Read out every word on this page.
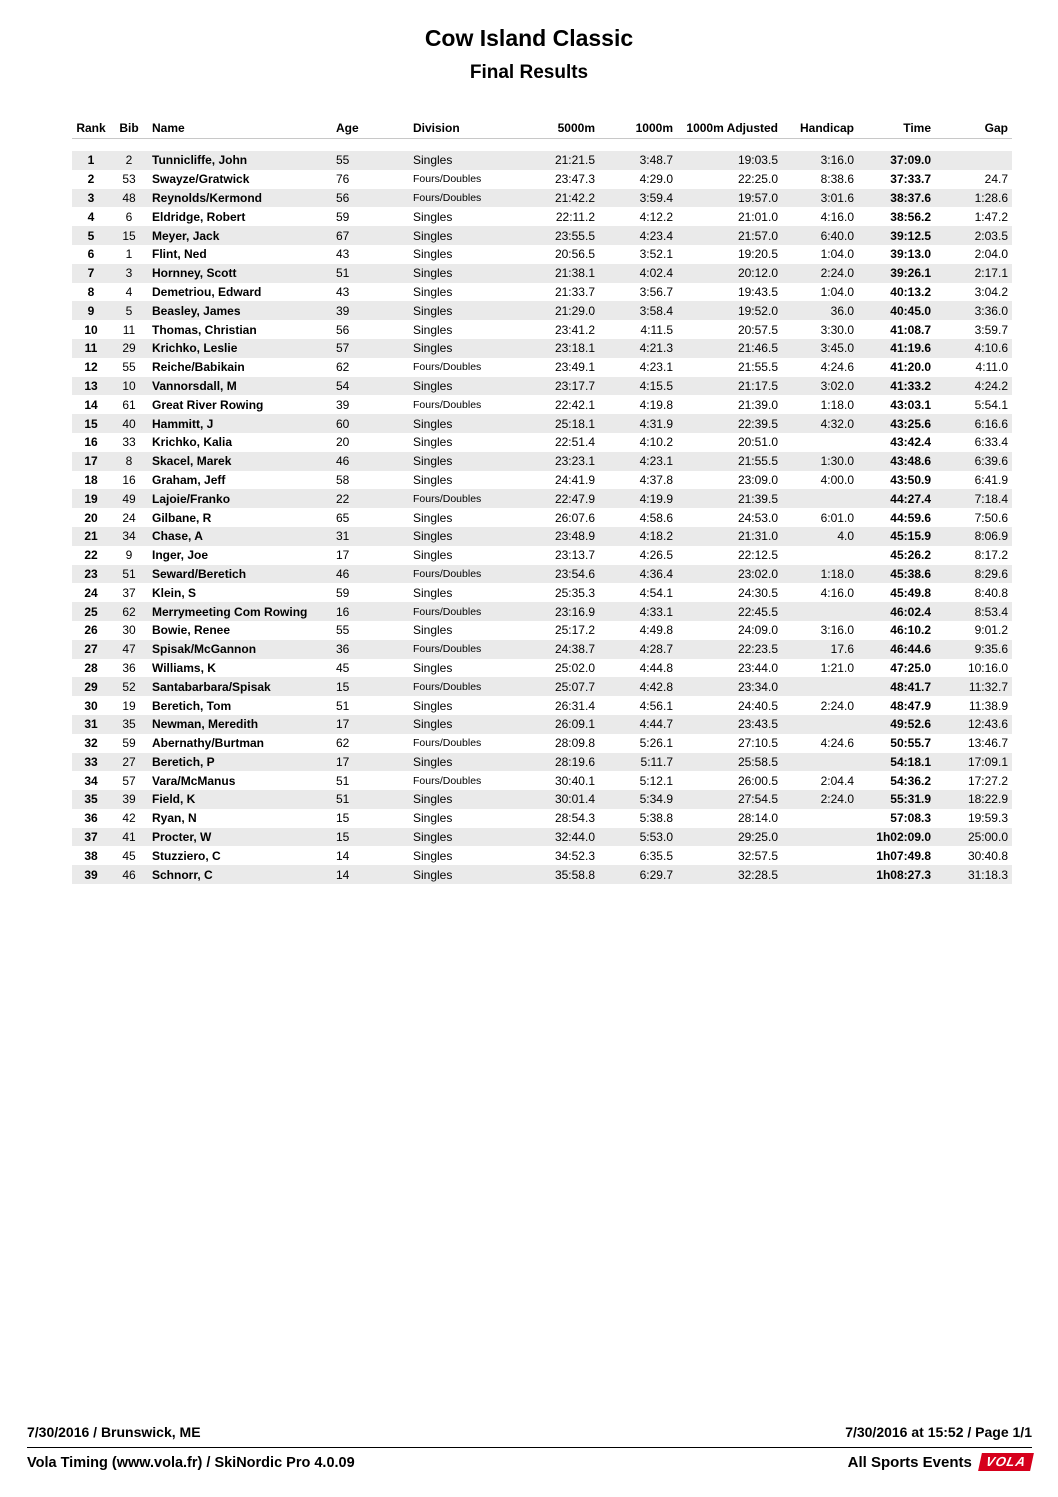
Cow Island Classic
Final Results
Rank	Bib	Name	Age	Division	5000m	1000m	1000m Adjusted	Handicap	Time	Gap

1	2	Tunnicliffe, John	55	Singles	21:21.5	3:48.7	19:03.5	3:16.0	37:09.0	
2	53	Swayze/Gratwick	76	Fours/Doubles	23:47.3	4:29.0	22:25.0	8:38.6	37:33.7	24.7
3	48	Reynolds/Kermond	56	Fours/Doubles	21:42.2	3:59.4	19:57.0	3:01.6	38:37.6	1:28.6
4	6	Eldridge, Robert	59	Singles	22:11.2	4:12.2	21:01.0	4:16.0	38:56.2	1:47.2
5	15	Meyer, Jack	67	Singles	23:55.5	4:23.4	21:57.0	6:40.0	39:12.5	2:03.5
6	1	Flint, Ned	43	Singles	20:56.5	3:52.1	19:20.5	1:04.0	39:13.0	2:04.0
7	3	Hornney, Scott	51	Singles	21:38.1	4:02.4	20:12.0	2:24.0	39:26.1	2:17.1
8	4	Demetriou, Edward	43	Singles	21:33.7	3:56.7	19:43.5	1:04.0	40:13.2	3:04.2
9	5	Beasley, James	39	Singles	21:29.0	3:58.4	19:52.0	36.0	40:45.0	3:36.0
10	11	Thomas, Christian	56	Singles	23:41.2	4:11.5	20:57.5	3:30.0	41:08.7	3:59.7
11	29	Krichko, Leslie	57	Singles	23:18.1	4:21.3	21:46.5	3:45.0	41:19.6	4:10.6
12	55	Reiche/Babikain	62	Fours/Doubles	23:49.1	4:23.1	21:55.5	4:24.6	41:20.0	4:11.0
13	10	Vannorsdall, M	54	Singles	23:17.7	4:15.5	21:17.5	3:02.0	41:33.2	4:24.2
14	61	Great River Rowing	39	Fours/Doubles	22:42.1	4:19.8	21:39.0	1:18.0	43:03.1	5:54.1
15	40	Hammitt, J	60	Singles	25:18.1	4:31.9	22:39.5	4:32.0	43:25.6	6:16.6
16	33	Krichko, Kalia	20	Singles	22:51.4	4:10.2	20:51.0		43:42.4	6:33.4
17	8	Skacel, Marek	46	Singles	23:23.1	4:23.1	21:55.5	1:30.0	43:48.6	6:39.6
18	16	Graham, Jeff	58	Singles	24:41.9	4:37.8	23:09.0	4:00.0	43:50.9	6:41.9
19	49	Lajoie/Franko	22	Fours/Doubles	22:47.9	4:19.9	21:39.5		44:27.4	7:18.4
20	24	Gilbane, R	65	Singles	26:07.6	4:58.6	24:53.0	6:01.0	44:59.6	7:50.6
21	34	Chase, A	31	Singles	23:48.9	4:18.2	21:31.0	4.0	45:15.9	8:06.9
22	9	Inger, Joe	17	Singles	23:13.7	4:26.5	22:12.5		45:26.2	8:17.2
23	51	Seward/Beretich	46	Fours/Doubles	23:54.6	4:36.4	23:02.0	1:18.0	45:38.6	8:29.6
24	37	Klein, S	59	Singles	25:35.3	4:54.1	24:30.5	4:16.0	45:49.8	8:40.8
25	62	Merrymeeting Com Rowing	16	Fours/Doubles	23:16.9	4:33.1	22:45.5		46:02.4	8:53.4
26	30	Bowie, Renee	55	Singles	25:17.2	4:49.8	24:09.0	3:16.0	46:10.2	9:01.2
27	47	Spisak/McGannon	36	Fours/Doubles	24:38.7	4:28.7	22:23.5	17.6	46:44.6	9:35.6
28	36	Williams, K	45	Singles	25:02.0	4:44.8	23:44.0	1:21.0	47:25.0	10:16.0
29	52	Santabarbara/Spisak	15	Fours/Doubles	25:07.7	4:42.8	23:34.0		48:41.7	11:32.7
30	19	Beretich, Tom	51	Singles	26:31.4	4:56.1	24:40.5	2:24.0	48:47.9	11:38.9
31	35	Newman, Meredith	17	Singles	26:09.1	4:44.7	23:43.5		49:52.6	12:43.6
32	59	Abernathy/Burtman	62	Fours/Doubles	28:09.8	5:26.1	27:10.5	4:24.6	50:55.7	13:46.7
33	27	Beretich, P	17	Singles	28:19.6	5:11.7	25:58.5		54:18.1	17:09.1
34	57	Vara/McManus	51	Fours/Doubles	30:40.1	5:12.1	26:00.5	2:04.4	54:36.2	17:27.2
35	39	Field, K	51	Singles	30:01.4	5:34.9	27:54.5	2:24.0	55:31.9	18:22.9
36	42	Ryan, N	15	Singles	28:54.3	5:38.8	28:14.0		57:08.3	19:59.3
37	41	Procter, W	15	Singles	32:44.0	5:53.0	29:25.0		1h02:09.0	25:00.0
38	45	Stuzziero, C	14	Singles	34:52.3	6:35.5	32:57.5		1h07:49.8	30:40.8
39	46	Schnorr, C	14	Singles	35:58.8	6:29.7	32:28.5		1h08:27.3	31:18.3
7/30/2016 / Brunswick, ME	7/30/2016 at 15:52 / Page 1/1
Vola Timing (www.vola.fr) / SkiNordic Pro 4.0.09	All Sports Events VOLA
